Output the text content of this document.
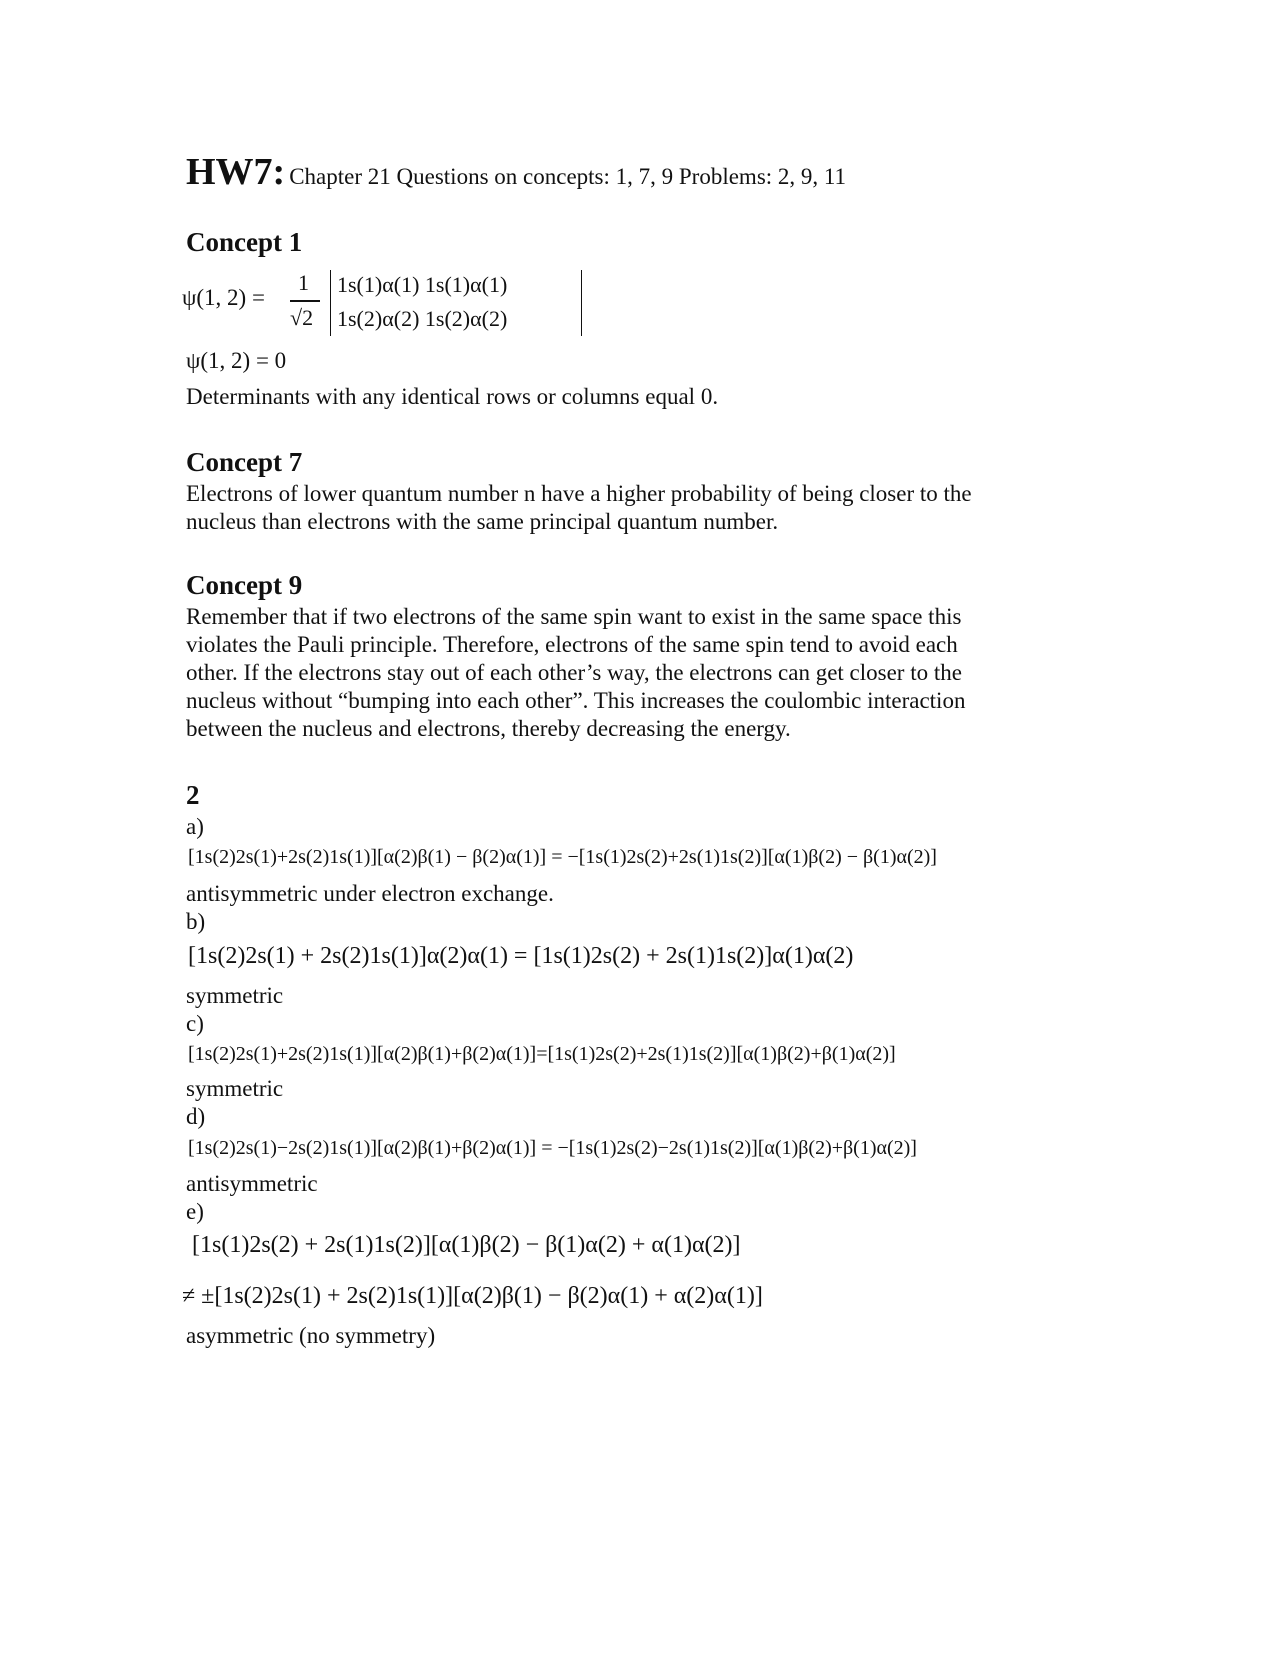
HW7: Chapter 21 Questions on concepts: 1, 7, 9 Problems: 2, 9, 11
Concept 1
ψ(1, 2) =
1
√2
1s(1)α(1) 1s(1)α(1)
1s(2)α(2) 1s(2)α(2)
ψ(1, 2) = 0
Determinants with any identical rows or columns equal 0.
Concept 7
Electrons of lower quantum number n have a higher probability of being closer to the
nucleus than electrons with the same principal quantum number.
Concept 9
Remember that if two electrons of the same spin want to exist in the same space this
violates the Pauli principle. Therefore, electrons of the same spin tend to avoid each
other. If the electrons stay out of each other’s way, the electrons can get closer to the
nucleus without “bumping into each other”. This increases the coulombic interaction
between the nucleus and electrons, thereby decreasing the energy.
2
a)
[1s(2)2s(1)+2s(2)1s(1)][α(2)β(1) − β(2)α(1)] = −[1s(1)2s(2)+2s(1)1s(2)][α(1)β(2) − β(1)α(2)]
antisymmetric under electron exchange.
b)
[1s(2)2s(1) + 2s(2)1s(1)]α(2)α(1) = [1s(1)2s(2) + 2s(1)1s(2)]α(1)α(2)
symmetric
c)
[1s(2)2s(1)+2s(2)1s(1)][α(2)β(1)+β(2)α(1)]=[1s(1)2s(2)+2s(1)1s(2)][α(1)β(2)+β(1)α(2)]
symmetric
d)
[1s(2)2s(1)−2s(2)1s(1)][α(2)β(1)+β(2)α(1)] = −[1s(1)2s(2)−2s(1)1s(2)][α(1)β(2)+β(1)α(2)]
antisymmetric
e)
[1s(1)2s(2) + 2s(1)1s(2)][α(1)β(2) − β(1)α(2) + α(1)α(2)]
≠ ±[1s(2)2s(1) + 2s(2)1s(1)][α(2)β(1) − β(2)α(1) + α(2)α(1)]
asymmetric (no symmetry)
